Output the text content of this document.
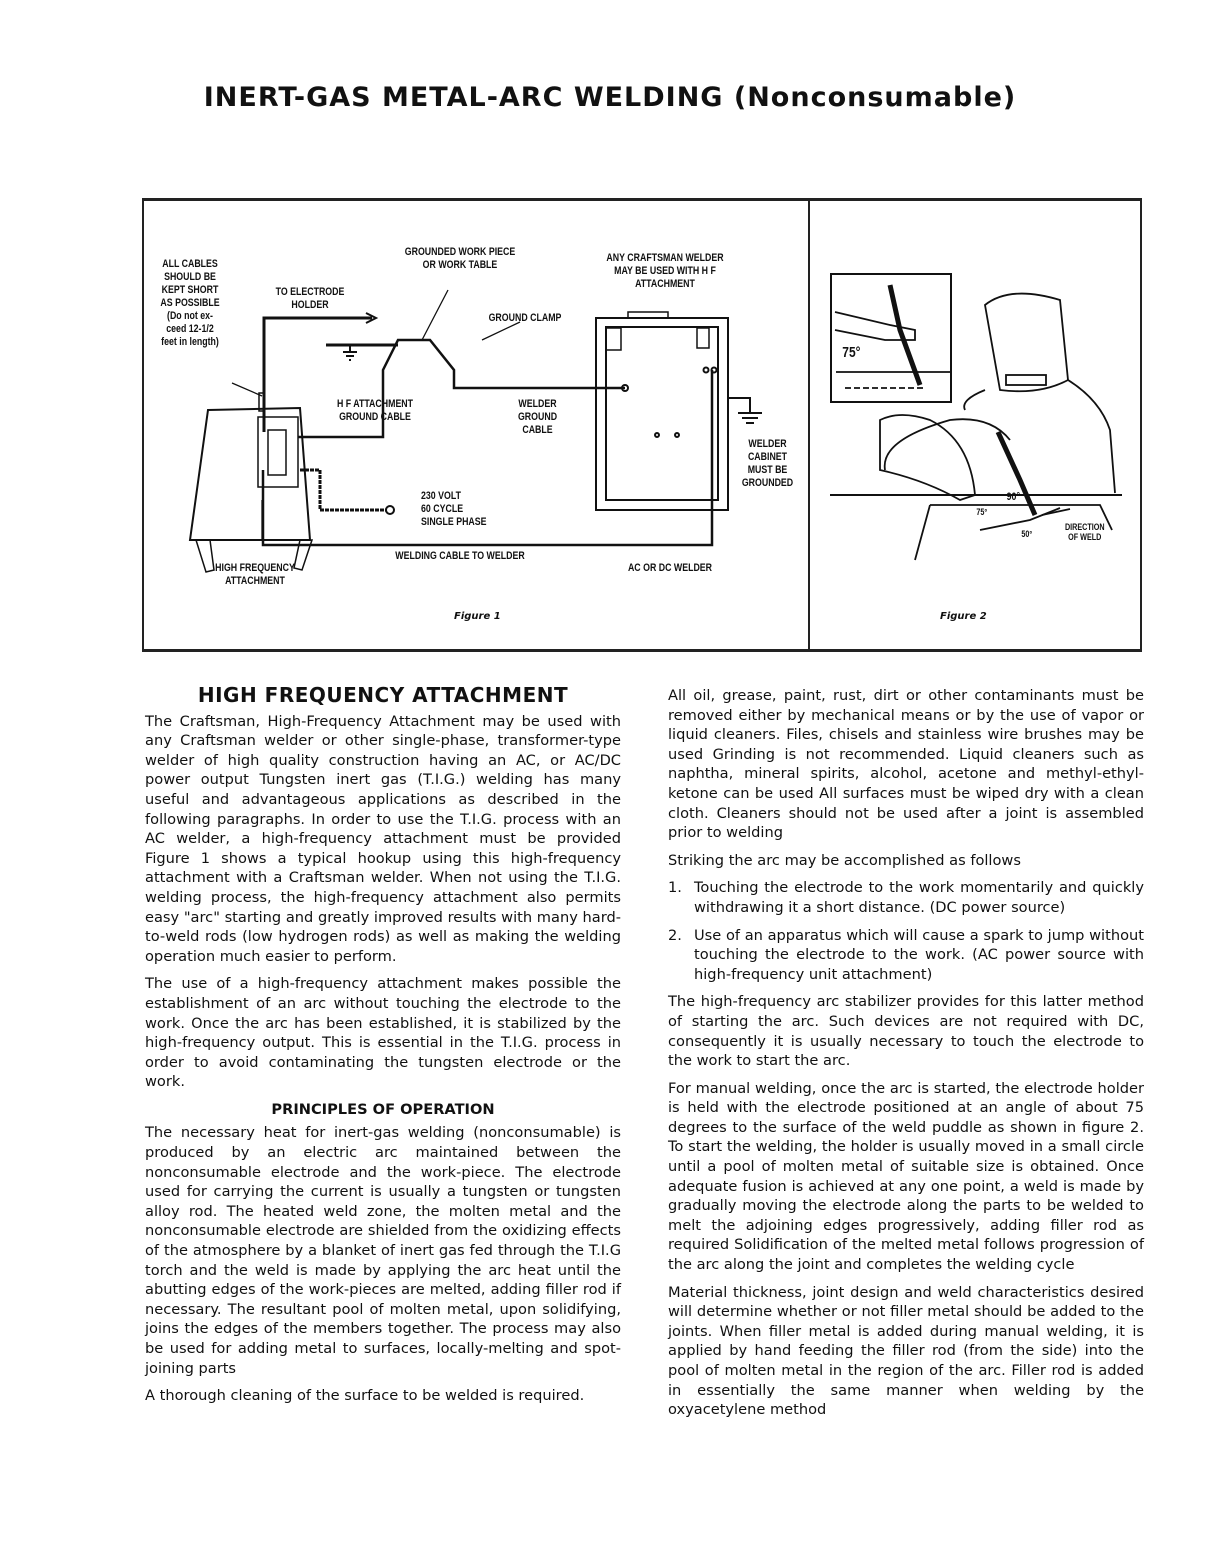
INERT-GAS METAL-ARC WELDING (Nonconsumable)
ALL CABLES
SHOULD BE
KEPT SHORT
AS POSSIBLE
(Do not ex-
ceed 12-1/2
feet in length)
TO ELECTRODE
HOLDER
GROUNDED WORK PIECE
OR WORK TABLE
GROUND CLAMP
ANY CRAFTSMAN WELDER
MAY BE USED WITH H F
ATTACHMENT
H F ATTACHMENT
GROUND CABLE
WELDER
GROUND
CABLE
WELDER
CABINET
MUST BE
GROUNDED
230 VOLT
60 CYCLE
SINGLE PHASE
WELDING CABLE TO WELDER
HIGH FREQUENCY
ATTACHMENT
AC OR DC WELDER
Figure 1
75°
90°
75°
50°
DIRECTION
OF WELD
Figure 2
HIGH FREQUENCY ATTACHMENT

The Craftsman, High-Frequency Attachment may be used with any Craftsman welder or other single-phase, transformer-type welder of high quality construction having an AC, or AC/DC power output Tungsten inert gas (T.I.G.) welding has many useful and advantageous applications as described in the following paragraphs. In order to use the T.I.G. process with an AC welder, a high-frequency attachment must be provided Figure 1 shows a typical hookup using this high-frequency attachment with a Craftsman welder. When not using the T.I.G. welding process, the high-frequency attachment also permits easy "arc" starting and greatly improved results with many hard-to-weld rods (low hydrogen rods) as well as making the welding operation much easier to perform.

The use of a high-frequency attachment makes possible the establishment of an arc without touching the electrode to the work. Once the arc has been established, it is stabilized by the high-frequency output. This is essential in the T.I.G. process in order to avoid contaminating the tungsten electrode or the work.

PRINCIPLES OF OPERATION

The necessary heat for inert-gas welding (nonconsumable) is produced by an electric arc maintained between the nonconsumable electrode and the work-piece. The electrode used for carrying the current is usually a tungsten or tungsten alloy rod. The heated weld zone, the molten metal and the nonconsumable electrode are shielded from the oxidizing effects of the atmosphere by a blanket of inert gas fed through the T.I.G torch and the weld is made by applying the arc heat until the abutting edges of the work-pieces are melted, adding filler rod if necessary. The resultant pool of molten metal, upon solidifying, joins the edges of the members together. The process may also be used for adding metal to surfaces, locally-melting and spot-joining parts

A thorough cleaning of the surface to be welded is required.

All oil, grease, paint, rust, dirt or other contaminants must be removed either by mechanical means or by the use of vapor or liquid cleaners. Files, chisels and stainless wire brushes may be used Grinding is not recommended. Liquid cleaners such as naphtha, mineral spirits, alcohol, acetone and methyl-ethyl-ketone can be used All surfaces must be wiped dry with a clean cloth. Cleaners should not be used after a joint is assembled prior to welding

Striking the arc may be accomplished as follows

1. Touching the electrode to the work momentarily and quickly withdrawing it a short distance. (DC power source)
2. Use of an apparatus which will cause a spark to jump without touching the electrode to the work. (AC power source with high-frequency unit attachment)

The high-frequency arc stabilizer provides for this latter method of starting the arc. Such devices are not required with DC, consequently it is usually necessary to touch the electrode to the work to start the arc.

For manual welding, once the arc is started, the electrode holder is held with the electrode positioned at an angle of about 75 degrees to the surface of the weld puddle as shown in figure 2. To start the welding, the holder is usually moved in a small circle until a pool of molten metal of suitable size is obtained. Once adequate fusion is achieved at any one point, a weld is made by gradually moving the electrode along the parts to be welded to melt the adjoining edges progressively, adding filler rod as required Solidification of the melted metal follows progression of the arc along the joint and completes the welding cycle

Material thickness, joint design and weld characteristics desired will determine whether or not filler metal should be added to the joints. When filler metal is added during manual welding, it is applied by hand feeding the filler rod (from the side) into the pool of molten metal in the region of the arc. Filler rod is added in essentially the same manner when welding by the oxyacetylene method
